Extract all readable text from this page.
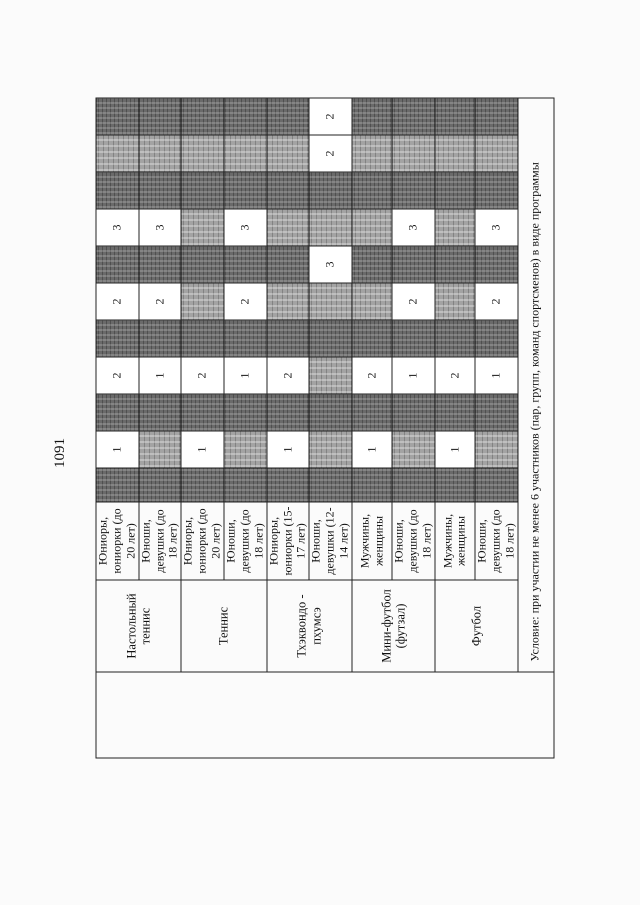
1091
	Настольный теннис	Юниоры, юниорки (до 20 лет)		1		2		2		3			
		Юноши, девушки (до 18 лет)				1		2		3			
	Теннис	Юниоры, юниорки (до 20 лет)		1		2							
		Юноши, девушки (до 18 лет)				1		2		3			
	Тхэквондо - пхумсэ	Юниоры, юниорки (15-17 лет)		1		2							
		Юноши, девушки (12-14 лет)							3			2	2
	Мини-футбол (футзал)	Мужчины, женщины		1		2							
		Юноши, девушки (до 18 лет)				1		2		3			
	Футбол	Мужчины, женщины		1		2							
		Юноши, девушки (до 18 лет)				1		2		3			
	Условие: при участии не менее 6 участников (пар, групп, команд спортсменов) в виде программы												
